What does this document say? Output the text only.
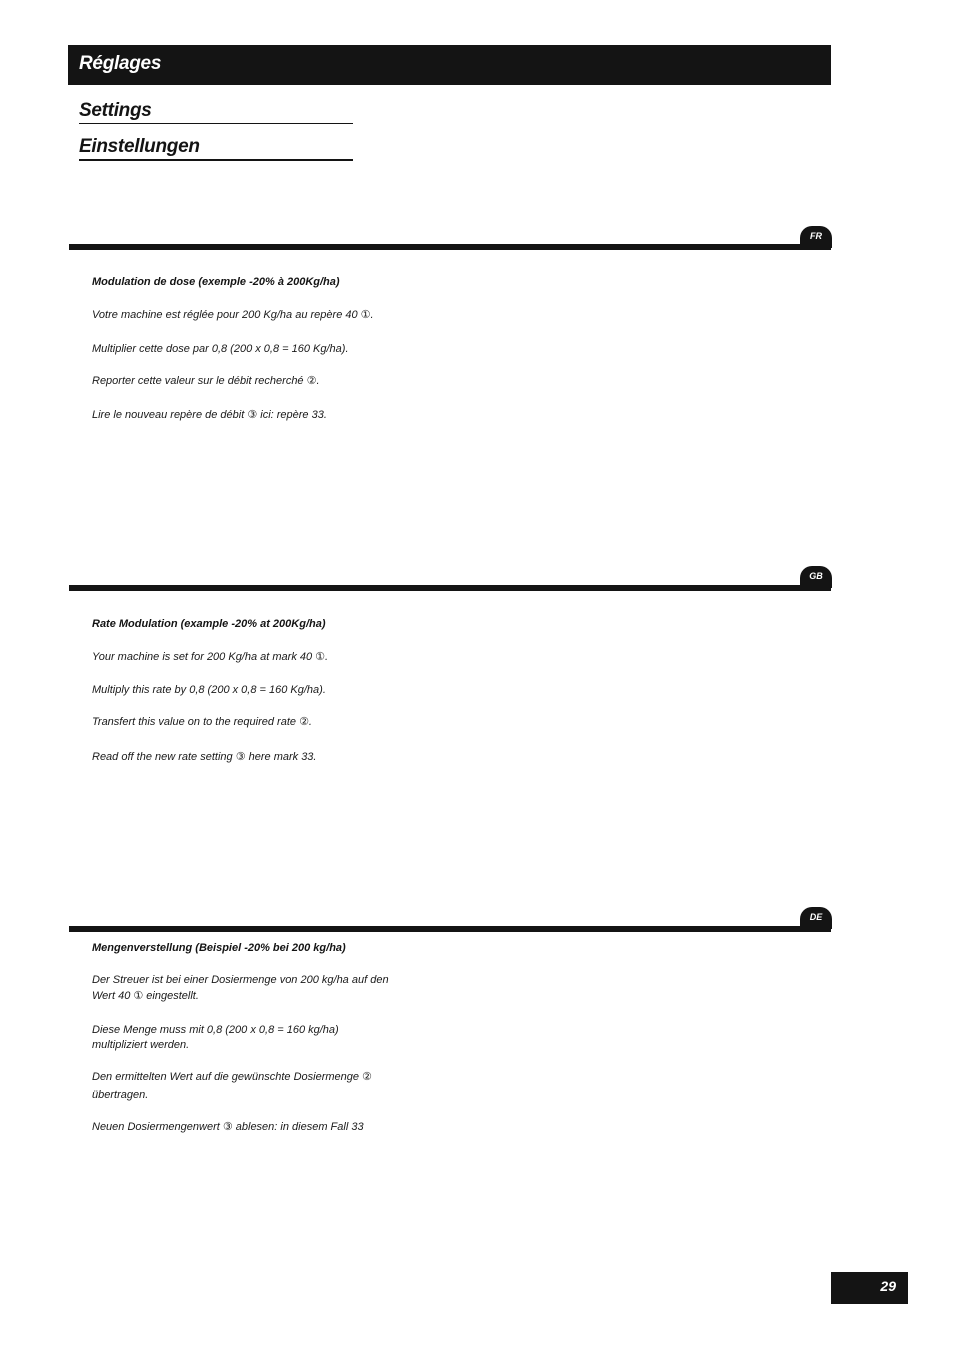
Réglages
Settings
Einstellungen
FR
Modulation de dose (exemple -20% à 200Kg/ha)
Votre machine est réglée pour 200 Kg/ha au repère 40 ①.
Multiplier cette dose par 0,8 (200 x 0,8 = 160 Kg/ha).
Reporter cette valeur sur le débit recherché ②.
Lire le nouveau repère de débit ③ ici: repère 33.
GB
Rate Modulation (example -20% at 200Kg/ha)
Your machine is set for 200 Kg/ha at mark 40 ①.
Multiply this rate by 0,8 (200 x 0,8 = 160 Kg/ha).
Transfert this value on to the required rate ②.
Read off the new rate setting ③ here mark 33.
DE
Mengenverstellung (Beispiel -20% bei 200 kg/ha)
Der Streuer ist bei einer Dosiermenge von 200 kg/ha auf den
Wert 40 ① eingestellt.
Diese Menge muss mit 0,8 (200 x 0,8 = 160 kg/ha)
multipliziert werden.
Den ermittelten Wert auf die gewünschte Dosiermenge ②
übertragen.
Neuen Dosiermengenwert ③ ablesen: in diesem Fall 33
29
